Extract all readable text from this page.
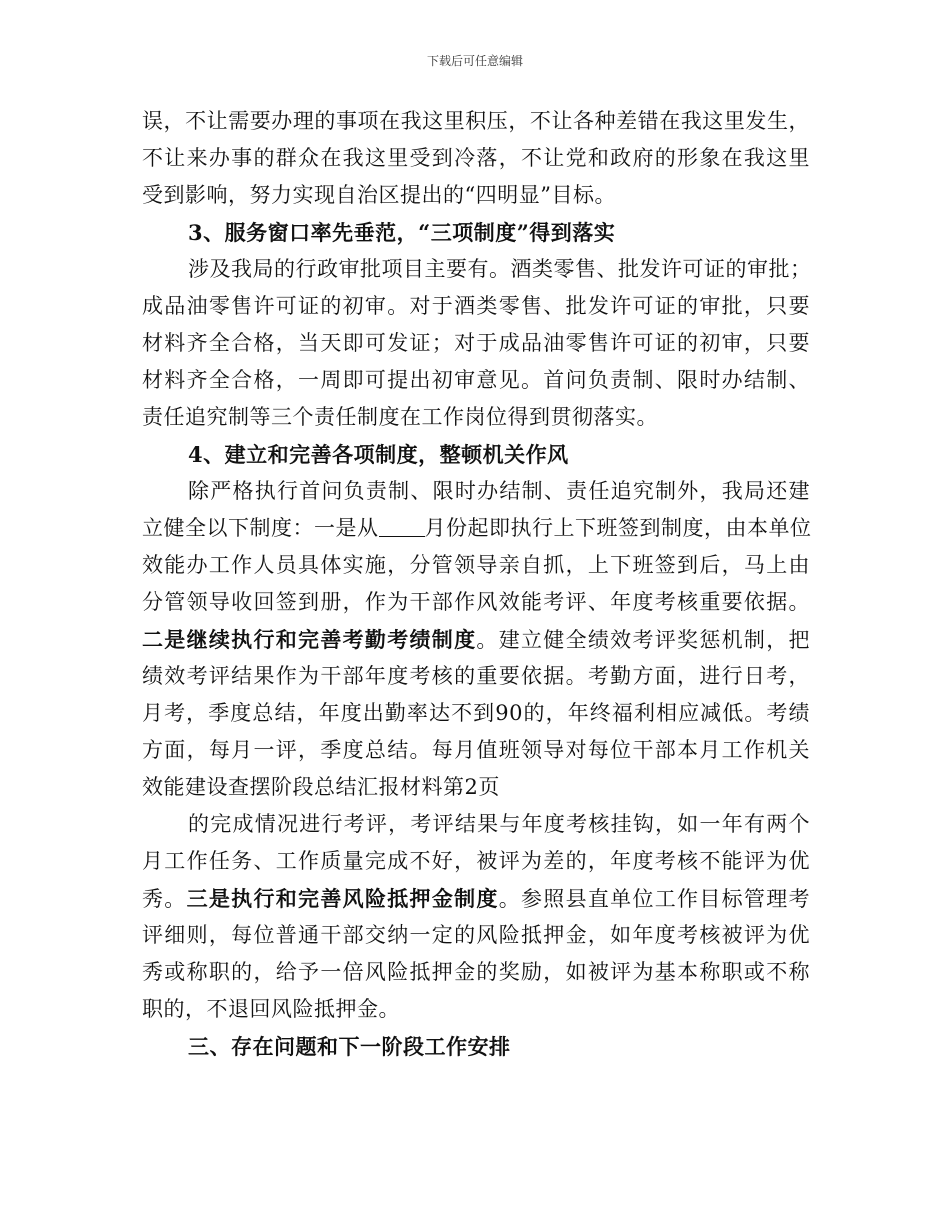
下载后可任意编辑
误，不让需要办理的事项在我这里积压，不让各种差错在我这里发生，
不让来办事的群众在我这里受到冷落，不让党和政府的形象在我这里
受到影响，努力实现自治区提出的“四明显”目标。
3、服务窗口率先垂范，“三项制度”得到落实
涉及我局的行政审批项目主要有。酒类零售、批发许可证的审批；
成品油零售许可证的初审。对于酒类零售、批发许可证的审批，只要
材料齐全合格，当天即可发证；对于成品油零售许可证的初审，只要
材料齐全合格，一周即可提出初审意见。首问负责制、限时办结制、
责任追究制等三个责任制度在工作岗位得到贯彻落实。
4、建立和完善各项制度，整顿机关作风
除严格执行首问负责制、限时办结制、责任追究制外，我局还建
立健全以下制度：一是从 月份起即执行上下班签到制度，由本单位
效能办工作人员具体实施，分管领导亲自抓，上下班签到后，马上由
分管领导收回签到册，作为干部作风效能考评、年度考核重要依据。
二是继续执行和完善考勤考绩制度。建立健全绩效考评奖惩机制，把
绩效考评结果作为干部年度考核的重要依据。考勤方面，进行日考，
月考，季度总结，年度出勤率达不到90的，年终福利相应减低。考绩
方面，每月一评，季度总结。每月值班领导对每位干部本月工作机关
效能建设查摆阶段总结汇报材料第2页
的完成情况进行考评，考评结果与年度考核挂钩，如一年有两个
月工作任务、工作质量完成不好，被评为差的，年度考核不能评为优
秀。三是执行和完善风险抵押金制度。参照县直单位工作目标管理考
评细则，每位普通干部交纳一定的风险抵押金，如年度考核被评为优
秀或称职的，给予一倍风险抵押金的奖励，如被评为基本称职或不称
职的，不退回风险抵押金。
三、存在问题和下一阶段工作安排
